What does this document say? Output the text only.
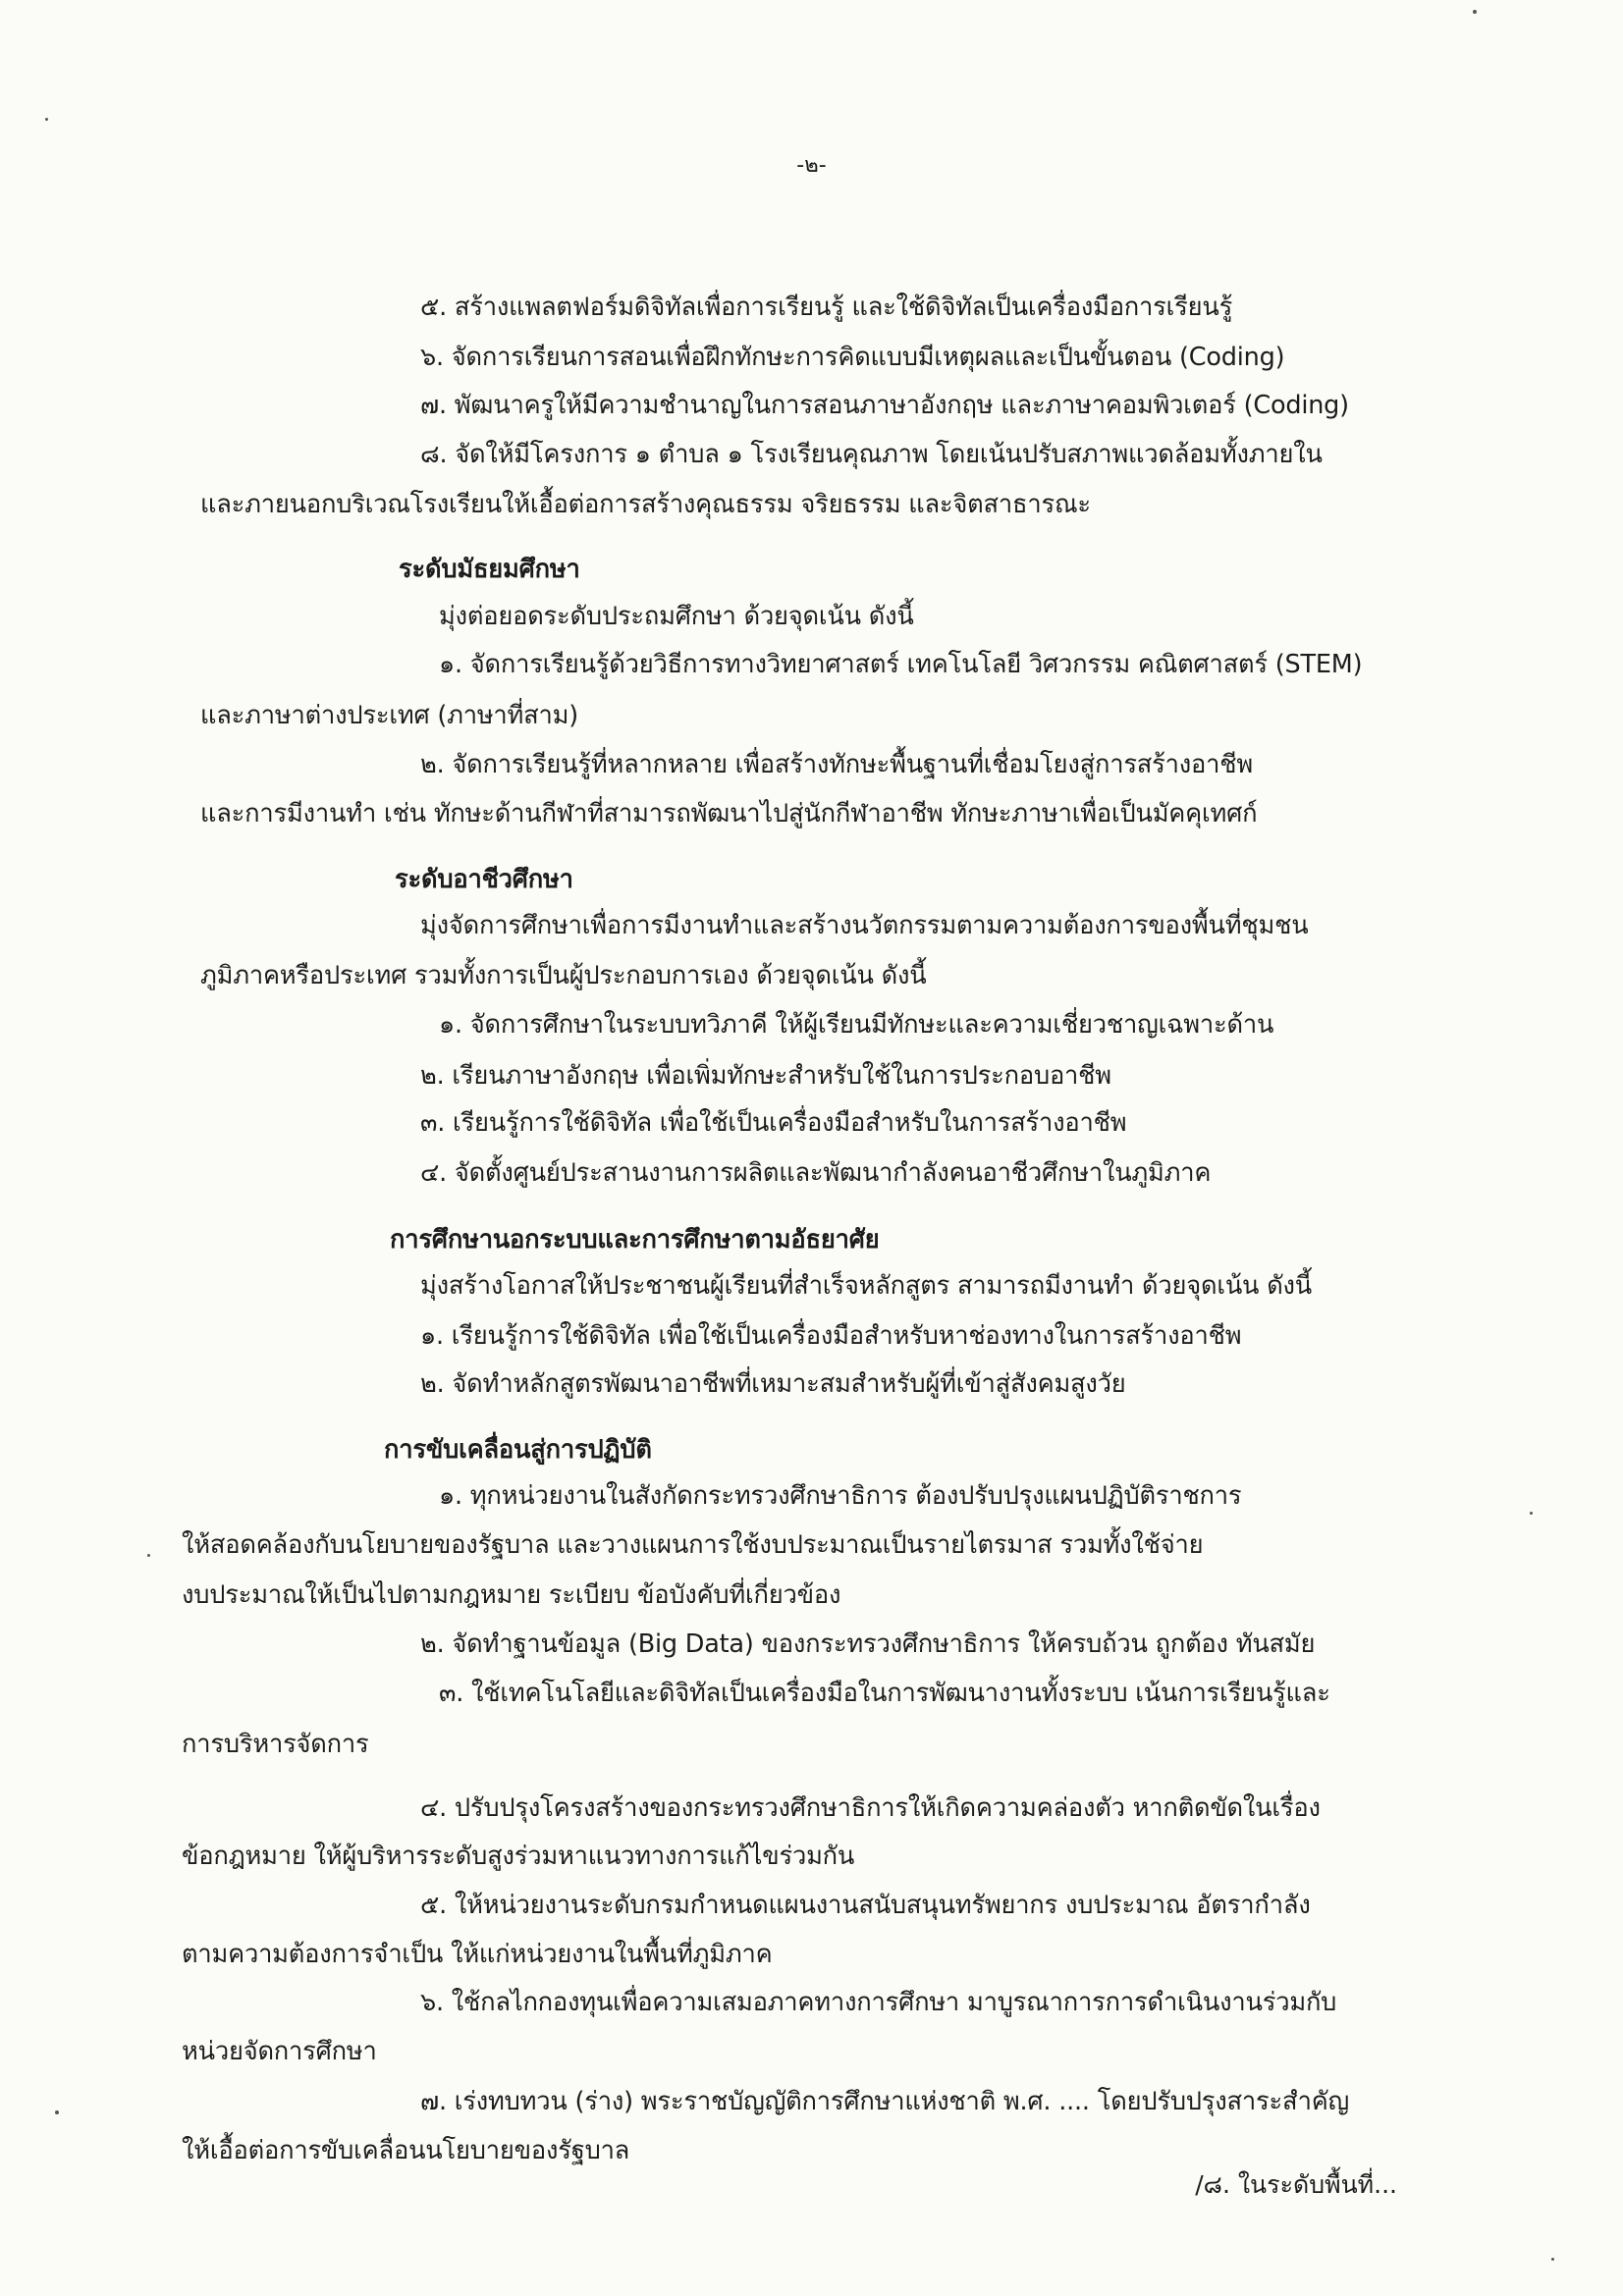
-๒-
๕. สร้างแพลตฟอร์มดิจิทัลเพื่อการเรียนรู้ และใช้ดิจิทัลเป็นเครื่องมือการเรียนรู้
๖. จัดการเรียนการสอนเพื่อฝึกทักษะการคิดแบบมีเหตุผลและเป็นขั้นตอน (Coding)
๗. พัฒนาครูให้มีความชำนาญในการสอนภาษาอังกฤษ และภาษาคอมพิวเตอร์ (Coding)
๘. จัดให้มีโครงการ ๑ ตำบล ๑ โรงเรียนคุณภาพ โดยเน้นปรับสภาพแวดล้อมทั้งภายใน
และภายนอกบริเวณโรงเรียนให้เอื้อต่อการสร้างคุณธรรม จริยธรรม และจิตสาธารณะ
ระดับมัธยมศึกษา
มุ่งต่อยอดระดับประถมศึกษา ด้วยจุดเน้น ดังนี้
๑. จัดการเรียนรู้ด้วยวิธีการทางวิทยาศาสตร์ เทคโนโลยี วิศวกรรม คณิตศาสตร์ (STEM)
และภาษาต่างประเทศ (ภาษาที่สาม)
๒. จัดการเรียนรู้ที่หลากหลาย เพื่อสร้างทักษะพื้นฐานที่เชื่อมโยงสู่การสร้างอาชีพ
และการมีงานทำ เช่น ทักษะด้านกีฬาที่สามารถพัฒนาไปสู่นักกีฬาอาชีพ ทักษะภาษาเพื่อเป็นมัคคุเทศก์
ระดับอาชีวศึกษา
มุ่งจัดการศึกษาเพื่อการมีงานทำและสร้างนวัตกรรมตามความต้องการของพื้นที่ชุมชน
ภูมิภาคหรือประเทศ รวมทั้งการเป็นผู้ประกอบการเอง ด้วยจุดเน้น ดังนี้
๑. จัดการศึกษาในระบบทวิภาคี ให้ผู้เรียนมีทักษะและความเชี่ยวชาญเฉพาะด้าน
๒. เรียนภาษาอังกฤษ เพื่อเพิ่มทักษะสำหรับใช้ในการประกอบอาชีพ
๓. เรียนรู้การใช้ดิจิทัล เพื่อใช้เป็นเครื่องมือสำหรับในการสร้างอาชีพ
๔. จัดตั้งศูนย์ประสานงานการผลิตและพัฒนากำลังคนอาชีวศึกษาในภูมิภาค
การศึกษานอกระบบและการศึกษาตามอัธยาศัย
มุ่งสร้างโอกาสให้ประชาชนผู้เรียนที่สำเร็จหลักสูตร สามารถมีงานทำ ด้วยจุดเน้น ดังนี้
๑. เรียนรู้การใช้ดิจิทัล เพื่อใช้เป็นเครื่องมือสำหรับหาช่องทางในการสร้างอาชีพ
๒. จัดทำหลักสูตรพัฒนาอาชีพที่เหมาะสมสำหรับผู้ที่เข้าสู่สังคมสูงวัย
การขับเคลื่อนสู่การปฏิบัติ
๑. ทุกหน่วยงานในสังกัดกระทรวงศึกษาธิการ ต้องปรับปรุงแผนปฏิบัติราชการ
ให้สอดคล้องกับนโยบายของรัฐบาล และวางแผนการใช้งบประมาณเป็นรายไตรมาส รวมทั้งใช้จ่าย
งบประมาณให้เป็นไปตามกฎหมาย ระเบียบ ข้อบังคับที่เกี่ยวข้อง
๒. จัดทำฐานข้อมูล (Big Data) ของกระทรวงศึกษาธิการ ให้ครบถ้วน ถูกต้อง ทันสมัย
๓. ใช้เทคโนโลยีและดิจิทัลเป็นเครื่องมือในการพัฒนางานทั้งระบบ เน้นการเรียนรู้และ
การบริหารจัดการ
๔. ปรับปรุงโครงสร้างของกระทรวงศึกษาธิการให้เกิดความคล่องตัว หากติดขัดในเรื่อง
ข้อกฎหมาย ให้ผู้บริหารระดับสูงร่วมหาแนวทางการแก้ไขร่วมกัน
๕. ให้หน่วยงานระดับกรมกำหนดแผนงานสนับสนุนทรัพยากร งบประมาณ อัตรากำลัง
ตามความต้องการจำเป็น ให้แก่หน่วยงานในพื้นที่ภูมิภาค
๖. ใช้กลไกกองทุนเพื่อความเสมอภาคทางการศึกษา มาบูรณาการการดำเนินงานร่วมกับ
หน่วยจัดการศึกษา
๗. เร่งทบทวน (ร่าง) พระราชบัญญัติการศึกษาแห่งชาติ พ.ศ. .... โดยปรับปรุงสาระสำคัญ
ให้เอื้อต่อการขับเคลื่อนนโยบายของรัฐบาล
/๘. ในระดับพื้นที่...
